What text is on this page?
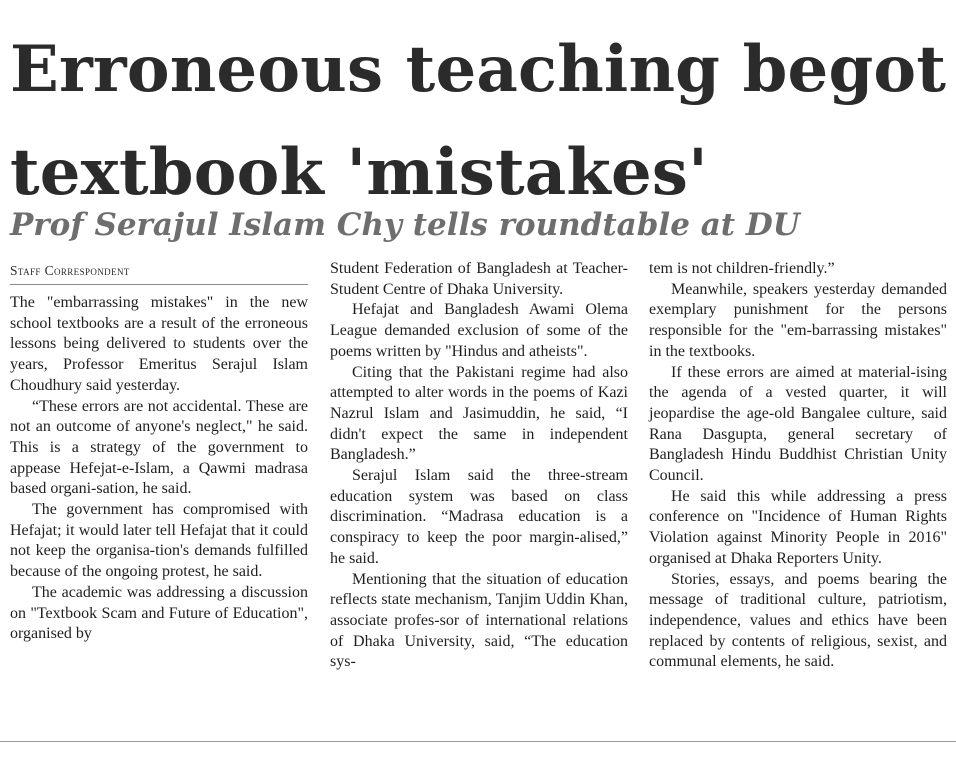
Erroneous teaching begot textbook 'mistakes'
Prof Serajul Islam Chy tells roundtable at DU
Staff Correspondent

The "embarrassing mistakes" in the new school textbooks are a result of the erroneous lessons being delivered to students over the years, Professor Emeritus Serajul Islam Choudhury said yesterday.

“These errors are not accidental. These are not an outcome of anyone's neglect," he said. This is a strategy of the government to appease Hefejat-e-Islam, a Qawmi madrasa based organi-sation, he said.

The government has compromised with Hefajat; it would later tell Hefajat that it could not keep the organisa-tion's demands fulfilled because of the ongoing protest, he said.

The academic was addressing a discussion on "Textbook Scam and Future of Education", organised by

Student Federation of Bangladesh at Teacher-Student Centre of Dhaka University.

Hefajat and Bangladesh Awami Olema League demanded exclusion of some of the poems written by "Hindus and atheists".

Citing that the Pakistani regime had also attempted to alter words in the poems of Kazi Nazrul Islam and Jasimuddin, he said, “I didn't expect the same in independent Bangladesh.”

Serajul Islam said the three-stream education system was based on class discrimination. “Madrasa education is a conspiracy to keep the poor margin-alised,” he said.

Mentioning that the situation of education reflects state mechanism, Tanjim Uddin Khan, associate profes-sor of international relations of Dhaka University, said, “The education sys-

tem is not children-friendly.”

Meanwhile, speakers yesterday demanded exemplary punishment for the persons responsible for the "em-barrassing mistakes" in the textbooks.

If these errors are aimed at material-ising the agenda of a vested quarter, it will jeopardise the age-old Bangalee culture, said Rana Dasgupta, general secretary of Bangladesh Hindu Buddhist Christian Unity Council.

He said this while addressing a press conference on "Incidence of Human Rights Violation against Minority People in 2016" organised at Dhaka Reporters Unity.

Stories, essays, and poems bearing the message of traditional culture, patriotism, independence, values and ethics have been replaced by contents of religious, sexist, and communal elements, he said.
